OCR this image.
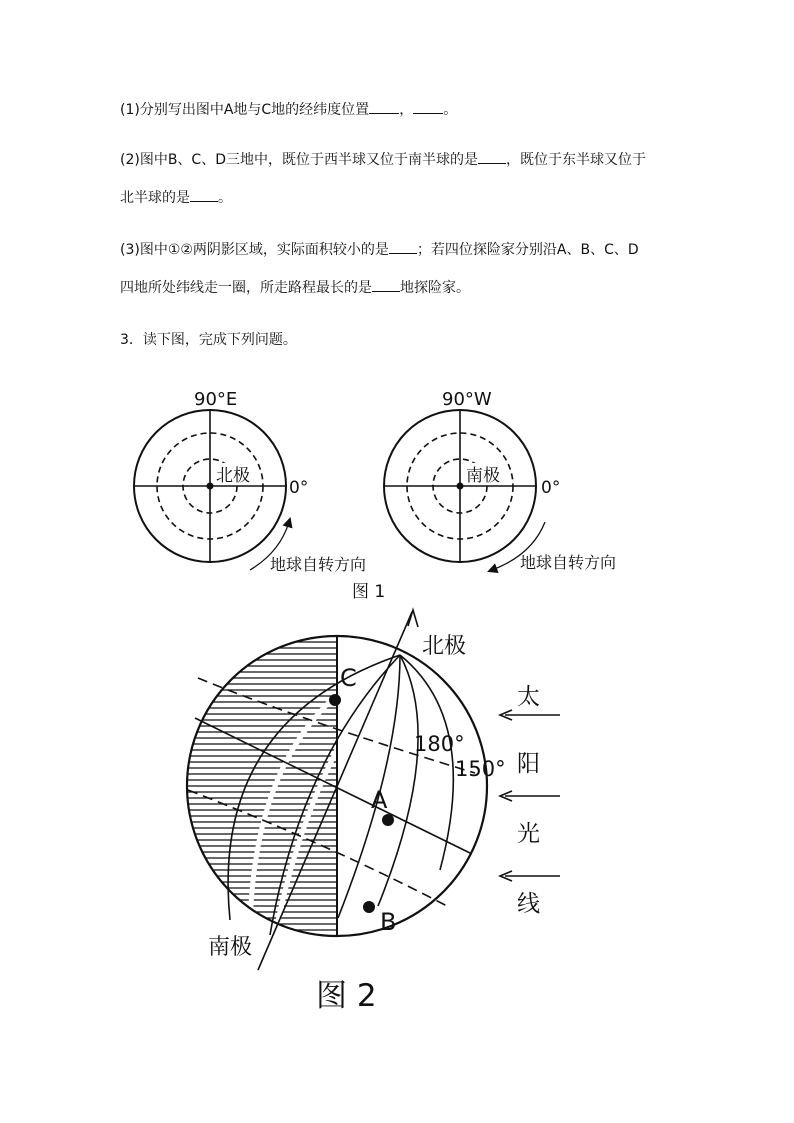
(1)分别写出图中A地与C地的经纬度位置 ， 。
(2)图中B、C、D三地中，既位于西半球又位于南半球的是 ，既位于东半球又位于
北半球的是 。
(3)图中①②两阴影区域，实际面积较小的是 ；若四位探险家分别沿A、B、C、D
四地所处纬线走一圈，所走路程最长的是 地探险家。
3．读下图，完成下列问题。
北极
90°E
0°
地球自转方向
南极
90°W
0°
地球自转方向
图 1
C
A
B
180°
150°
北极
南极
太
阳
光
线
图 2
